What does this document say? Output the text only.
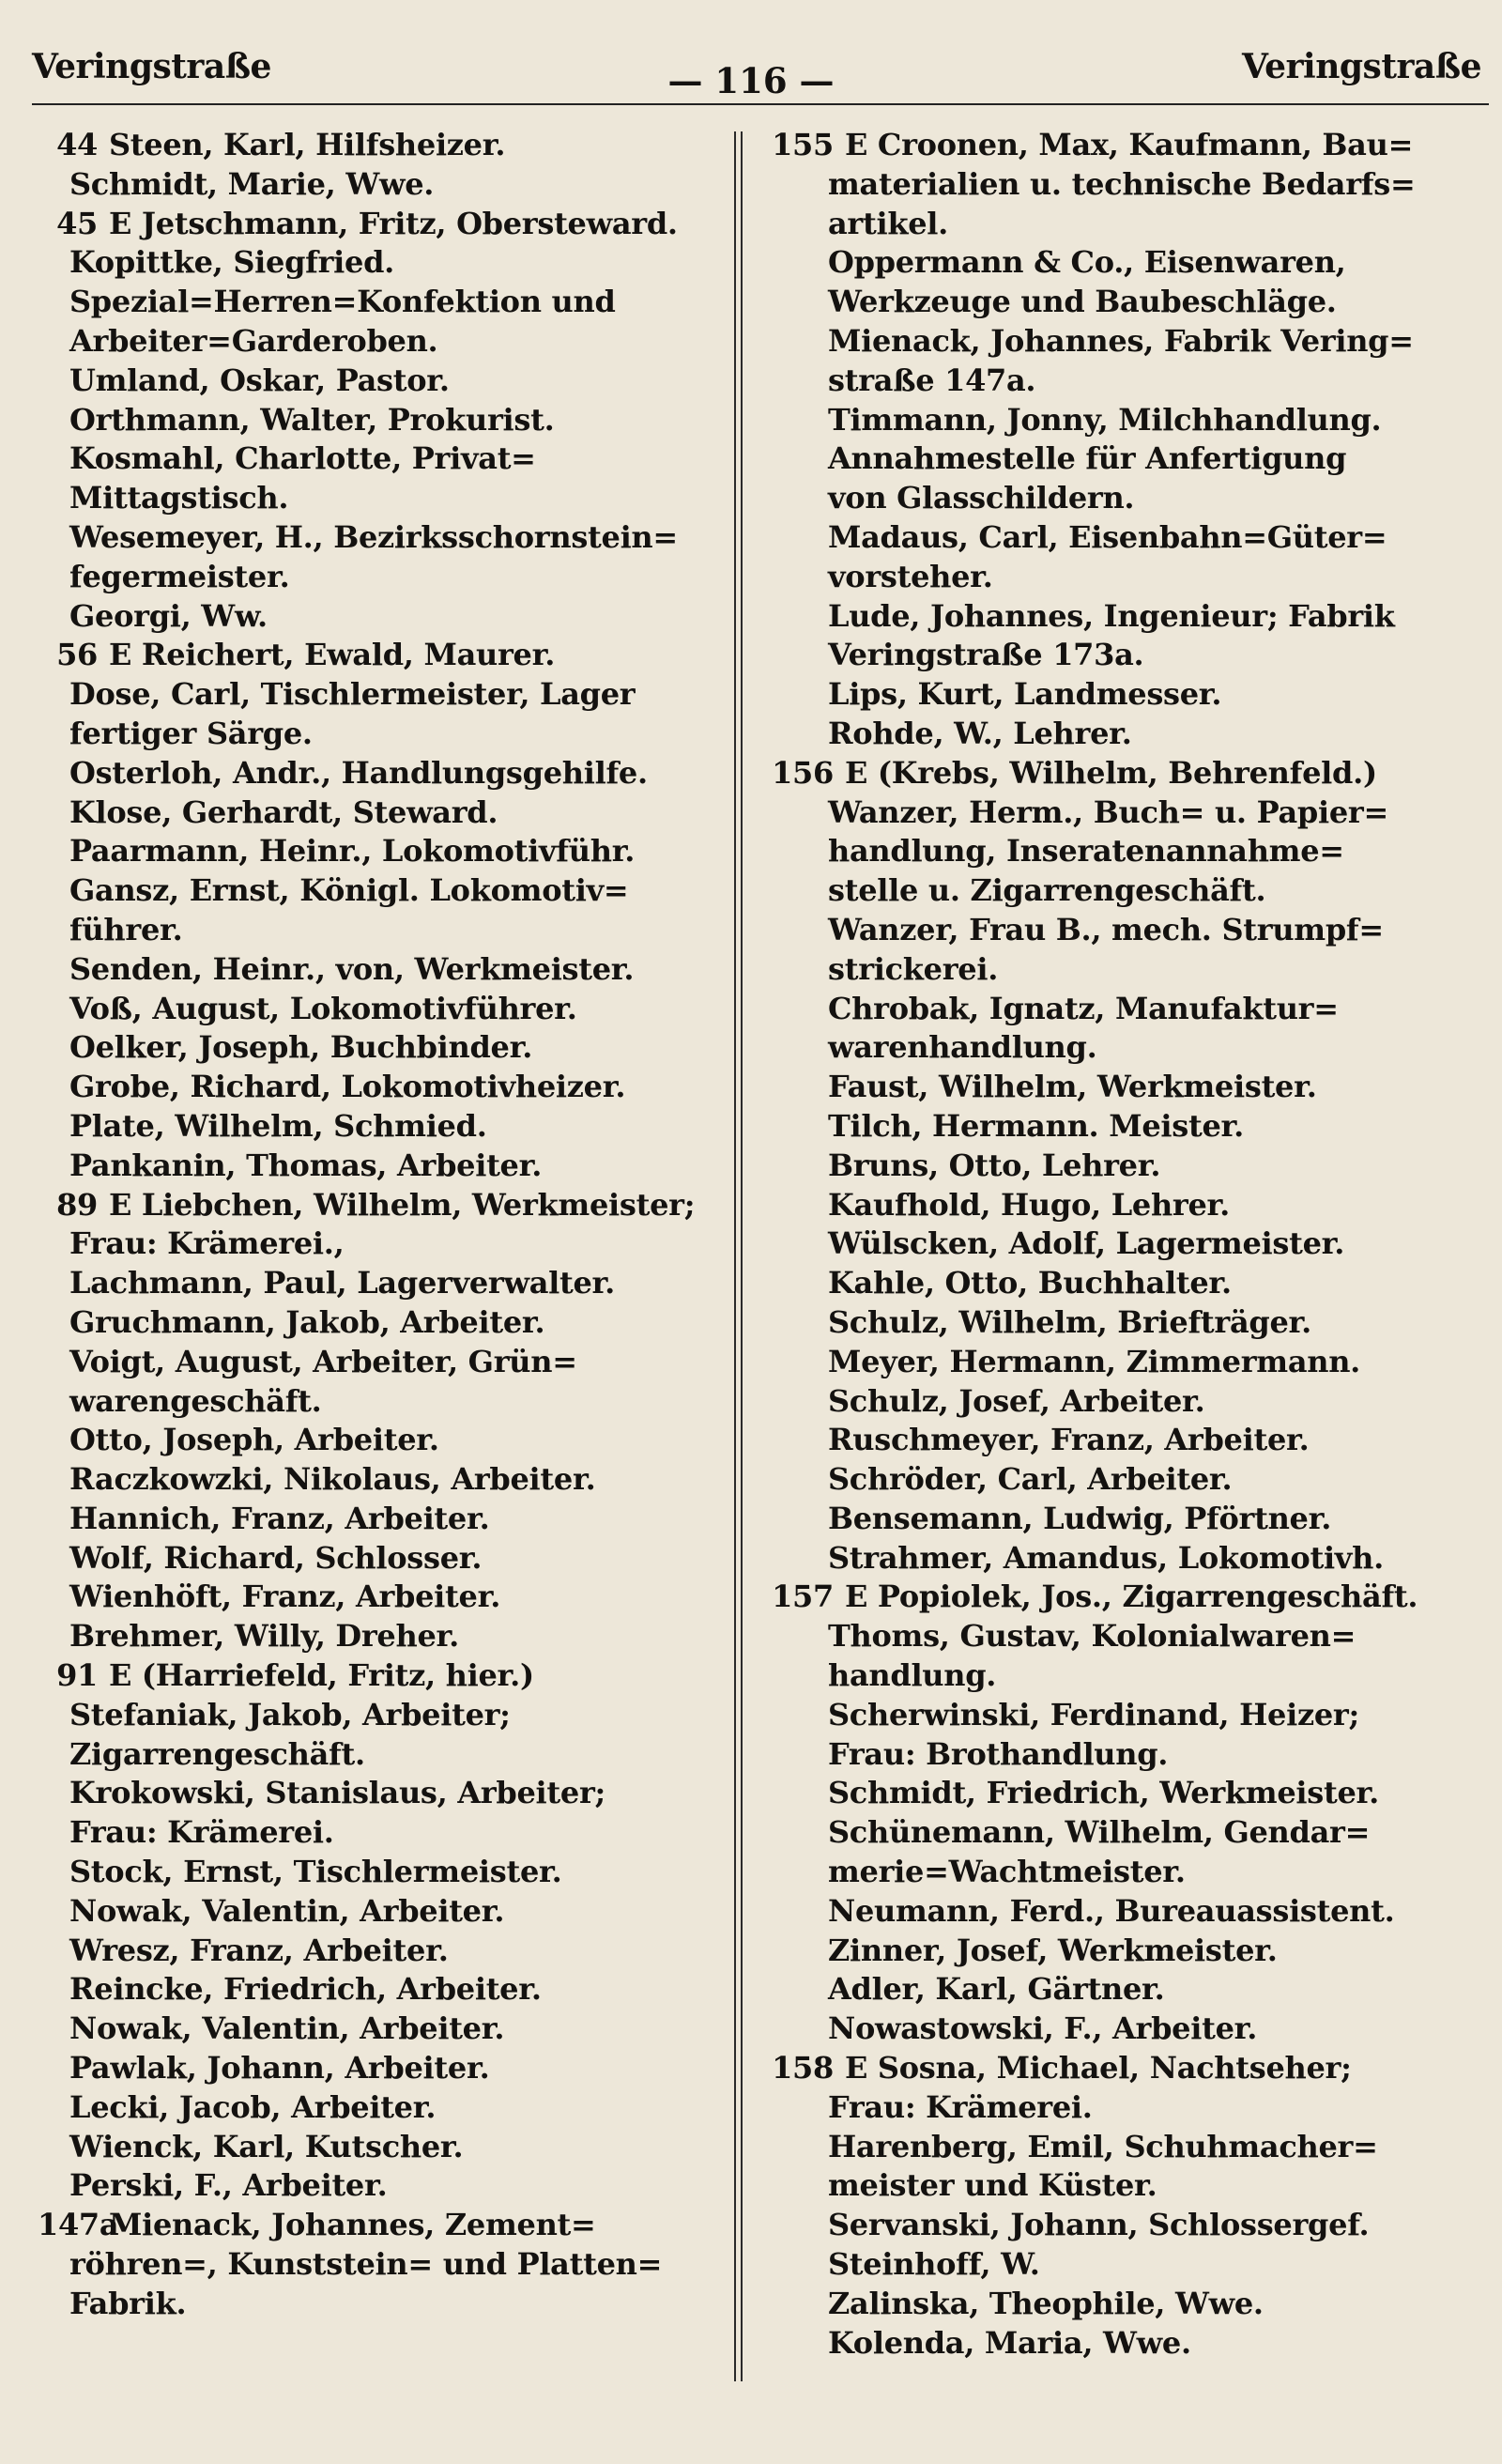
Veringstraße	— 116 —	Veringstraße
44 Steen, Karl, Hilfsheizer.
Schmidt, Marie, Wwe.
45 E Jetschmann, Fritz, Obersteward.
Kopittke, Siegfried.
Spezial=Herren=Konfektion und
Arbeiter=Garderoben.
Umland, Oskar, Pastor.
Orthmann, Walter, Prokurist.
Kosmahl, Charlotte, Privat=
Mittagstisch.
Wesemeyer, H., Bezirksschornstein=
fegermeister.
Georgi, Ww.
56 E Reichert, Ewald, Maurer.
Dose, Carl, Tischlermeister, Lager
fertiger Särge.
Osterloh, Andr., Handlungsgehilfe.
Klose, Gerhardt, Steward.
Paarmann, Heinr., Lokomotivführ.
Gansz, Ernst, Königl. Lokomotiv=
führer.
Senden, Heinr., von, Werkmeister.
Voß, August, Lokomotivführer.
Oelker, Joseph, Buchbinder.
Grobe, Richard, Lokomotivheizer.
Plate, Wilhelm, Schmied.
Pankanin, Thomas, Arbeiter.
89 E Liebchen, Wilhelm, Werkmeister;
Frau: Krämerei.,
Lachmann, Paul, Lagerverwalter.
Gruchmann, Jakob, Arbeiter.
Voigt, August, Arbeiter, Grün=
warengeschäft.
Otto, Joseph, Arbeiter.
Raczkowzki, Nikolaus, Arbeiter.
Hannich, Franz, Arbeiter.
Wolf, Richard, Schlosser.
Wienhöft, Franz, Arbeiter.
Brehmer, Willy, Dreher.
91 E (Harriefeld, Fritz, hier.)
Stefaniak, Jakob, Arbeiter;
Zigarrengeschäft.
Krokowski, Stanislaus, Arbeiter;
Frau: Krämerei.
Stock, Ernst, Tischlermeister.
Nowak, Valentin, Arbeiter.
Wresz, Franz, Arbeiter.
Reincke, Friedrich, Arbeiter.
Nowak, Valentin, Arbeiter.
Pawlak, Johann, Arbeiter.
Lecki, Jacob, Arbeiter.
Wienck, Karl, Kutscher.
Perski, F., Arbeiter.
147aMienack, Johannes, Zement=
röhren=, Kunststein= und Platten=
Fabrik.
155 E Croonen, Max, Kaufmann, Bau=
materialien u. technische Bedarfs=
artikel.
Oppermann & Co., Eisenwaren,
Werkzeuge und Baubeschläge.
Mienack, Johannes, Fabrik Vering=
straße 147a.
Timmann, Jonny, Milchhandlung.
Annahmestelle für Anfertigung
von Glasschildern.
Madaus, Carl, Eisenbahn=Güter=
vorsteher.
Lude, Johannes, Ingenieur; Fabrik
Veringstraße 173a.
Lips, Kurt, Landmesser.
Rohde, W., Lehrer.
156 E (Krebs, Wilhelm, Behrenfeld.)
Wanzer, Herm., Buch= u. Papier=
handlung, Inseratenannahme=
stelle u. Zigarrengeschäft.
Wanzer, Frau B., mech. Strumpf=
strickerei.
Chrobak, Ignatz, Manufaktur=
warenhandlung.
Faust, Wilhelm, Werkmeister.
Tilch, Hermann. Meister.
Bruns, Otto, Lehrer.
Kaufhold, Hugo, Lehrer.
Wülscken, Adolf, Lagermeister.
Kahle, Otto, Buchhalter.
Schulz, Wilhelm, Briefträger.
Meyer, Hermann, Zimmermann.
Schulz, Josef, Arbeiter.
Ruschmeyer, Franz, Arbeiter.
Schröder, Carl, Arbeiter.
Bensemann, Ludwig, Pförtner.
Strahmer, Amandus, Lokomotivh.
157 E Popiolek, Jos., Zigarrengeschäft.
Thoms, Gustav, Kolonialwaren=
handlung.
Scherwinski, Ferdinand, Heizer;
Frau: Brothandlung.
Schmidt, Friedrich, Werkmeister.
Schünemann, Wilhelm, Gendar=
merie=Wachtmeister.
Neumann, Ferd., Bureauassistent.
Zinner, Josef, Werkmeister.
Adler, Karl, Gärtner.
Nowastowski, F., Arbeiter.
158 E Sosna, Michael, Nachtseher;
Frau: Krämerei.
Harenberg, Emil, Schuhmacher=
meister und Küster.
Servanski, Johann, Schlossergef.
Steinhoff, W.
Zalinska, Theophile, Wwe.
Kolenda, Maria, Wwe.
